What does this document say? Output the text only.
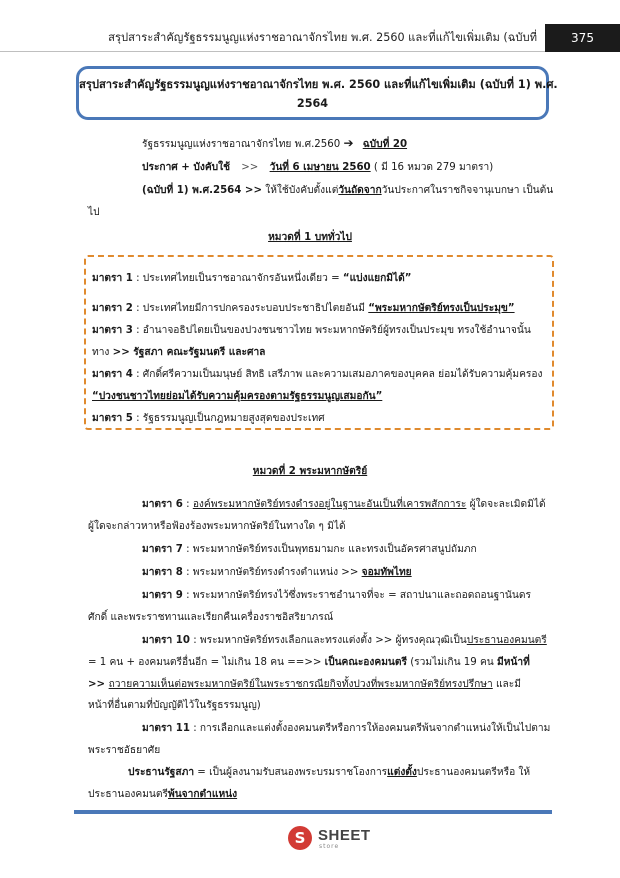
สรุปสาระสำคัญรัฐธรรมนูญแห่งราชอาณาจักรไทย พ.ศ. 2560 และที่แก้ไขเพิ่มเติม (ฉบับที่	375
สรุปสาระสำคัญรัฐธรรมนูญแห่งราชอาณาจักรไทย พ.ศ. 2560 และที่แก้ไขเพิ่มเติม (ฉบับที่ 1) พ.ศ.
2564
รัฐธรรมนูญแห่งราชอาณาจักรไทย พ.ศ.2560 ➔ ฉบับที่ 20
ประกาศ + บังคับใช้ >> วันที่ 6 เมษายน 2560 ( มี 16 หมวด 279 มาตรา)
(ฉบับที่ 1) พ.ศ.2564 >> ให้ใช้บังคับตั้งแต่วันถัดจากวันประกาศในราชกิจจานุเบกษา เป็นต้น
ไป
หมวดที่ 1 บททั่วไป
มาตรา 1 : ประเทศไทยเป็นราชอาณาจักรอันหนึ่งเดียว = “แบ่งแยกมิได้”
มาตรา 2 : ประเทศไทยมีการปกครองระบอบประชาธิปไตยอันมี “พระมหากษัตริย์ทรงเป็นประมุข”
มาตรา 3 : อำนาจอธิปไตยเป็นของปวงชนชาวไทย พระมหากษัตริย์ผู้ทรงเป็นประมุข ทรงใช้อำนาจนั้น
ทาง >> รัฐสภา คณะรัฐมนตรี และศาล
มาตรา 4 : ศักดิ์ศรีความเป็นมนุษย์ สิทธิ เสรีภาพ และความเสมอภาคของบุคคล ย่อมได้รับความคุ้มครอง
“ปวงชนชาวไทยย่อมได้รับความคุ้มครองตามรัฐธรรมนูญเสมอกัน”
มาตรา 5 : รัฐธรรมนูญเป็นกฎหมายสูงสุดของประเทศ
หมวดที่ 2 พระมหากษัตริย์
มาตรา 6 : องค์พระมหากษัตริย์ทรงดำรงอยู่ในฐานะอันเป็นที่เคารพสักการะ ผู้ใดจะละเมิดมิได้
ผู้ใดจะกล่าวหาหรือฟ้องร้องพระมหากษัตริย์ในทางใด ๆ มิได้
มาตรา 7 : พระมหากษัตริย์ทรงเป็นพุทธมามกะ และทรงเป็นอัครศาสนูปถัมภก
มาตรา 8 : พระมหากษัตริย์ทรงดำรงตำแหน่ง >> จอมทัพไทย
มาตรา 9 : พระมหากษัตริย์ทรงไว้ซึ่งพระราชอำนาจที่จะ = สถาปนาและถอดถอนฐานันดร
ศักดิ์ และพระราชทานและเรียกคืนเครื่องราชอิสริยาภรณ์
มาตรา 10 : พระมหากษัตริย์ทรงเลือกและทรงแต่งตั้ง >> ผู้ทรงคุณวุฒิเป็นประธานองคมนตรี
= 1 คน + องคมนตรีอื่นอีก = ไม่เกิน 18 คน ==>> เป็นคณะองคมนตรี (รวมไม่เกิน 19 คน มีหน้าที่
>> ถวายความเห็นต่อพระมหากษัตริย์ในพระราชกรณียกิจทั้งปวงที่พระมหากษัตริย์ทรงปรึกษา และมี
หน้าที่อื่นตามที่บัญญัติไว้ในรัฐธรรมนูญ)
มาตรา 11 : การเลือกและแต่งตั้งองคมนตรีหรือการให้องคมนตรีพ้นจากตำแหน่งให้เป็นไปตาม
พระราชอัธยาศัย
ประธานรัฐสภา = เป็นผู้ลงนามรับสนองพระบรมราชโองการแต่งตั้งประธานองคมนตรีหรือ ให้
ประธานองคมนตรีพ้นจากตำแหน่ง
S SHEET
store
